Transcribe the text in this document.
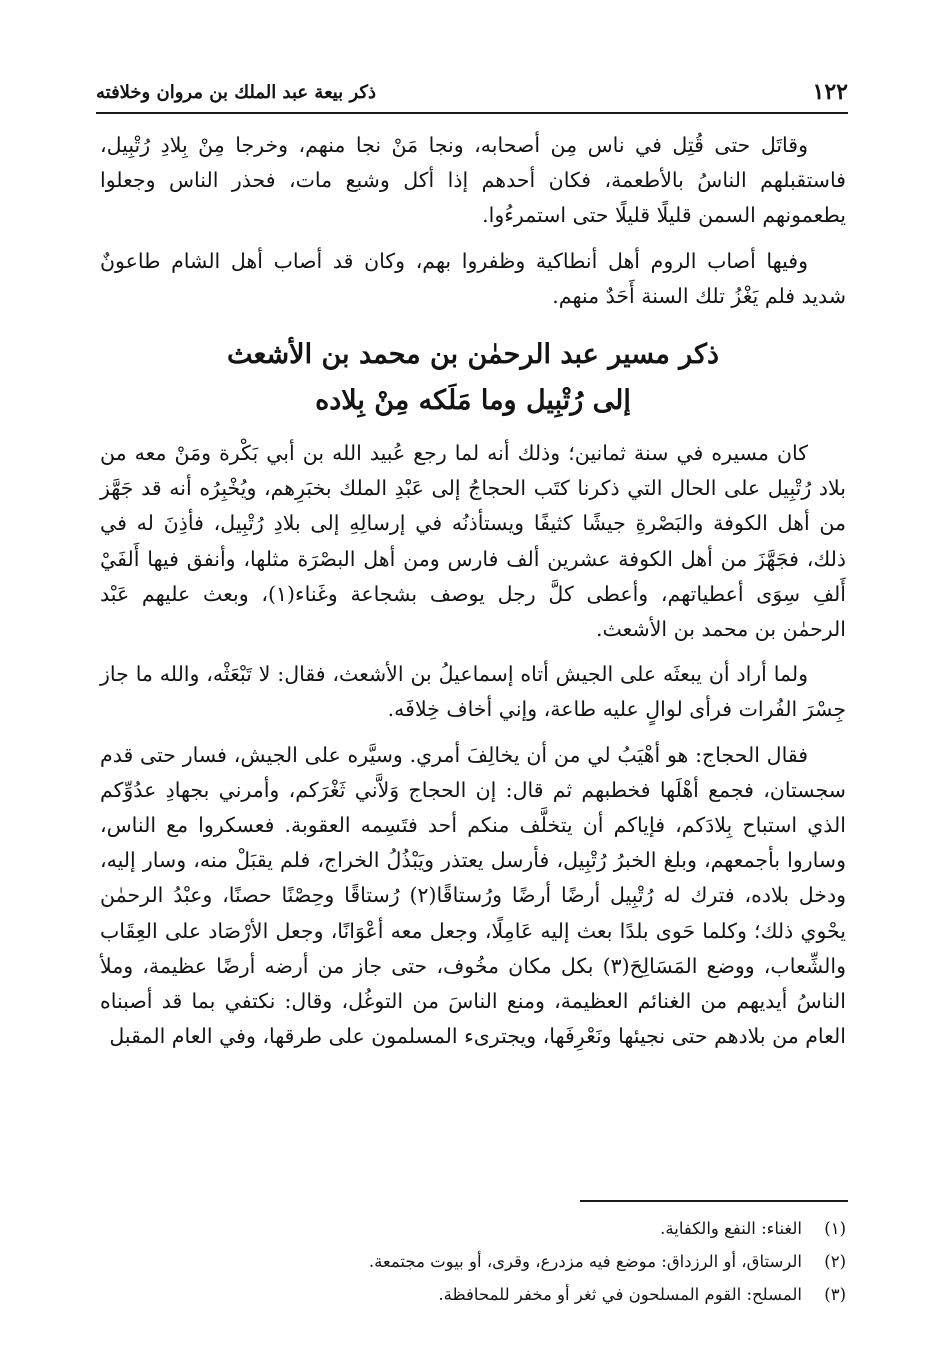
١٢٢
ذكر بيعة عبد الملك بن مروان وخلافته

وقاتَل حتى قُتِل في ناس مِن أصحابه، ونجا مَنْ نجا منهم، وخرجا مِنْ بِلادِ رُتْبِيل، فاستقبلهم الناسُ بالأطعمة، فكان أحدهم إذا أكل وشبع مات، فحذر الناس وجعلوا يطعمونهم السمن قليلًا قليلًا حتى استمرءُوا.

وفيها أصاب الروم أهل أنطاكية وظفروا بهم، وكان قد أصاب أهل الشام طاعونٌ شديد فلم يَغْزُ تلك السنة أَحَدٌ منهم.

ذكر مسير عبد الرحمٰن بن محمد بن الأشعث
إلى رُتْبِيل وما مَلَكه مِنْ بِلاده

كان مسيره في سنة ثمانين؛ وذلك أنه لما رجع عُبيد الله بن أبي بَكْرة ومَنْ معه من بلاد رُتْبِيل على الحال التي ذكرنا كتَب الحجاجُ إلى عَبْدِ الملك بخبَرِهم، ويُخْبِرُه أنه قد جَهَّز من أهل الكوفة والبَصْرةِ جيشًا كثيفًا ويستأذنُه في إرسالِهِ إلى بلادِ رُتْبِيل، فأذِنَ له في ذلك، فجَهَّزَ من أهل الكوفة عشرين ألف فارس ومن أهل البصْرَة مثلها، وأنفق فيها أَلفَيْ أَلفِ سِوَى أعطياتهم، وأعطى كلَّ رجل يوصف بشجاعة وغَناء(١)، وبعث عليهم عَبْد الرحمٰن بن محمد بن الأشعث.

ولما أراد أن يبعثَه على الجيش أتاه إسماعيلُ بن الأشعث، فقال: لا تَبْعَثْه، والله ما جاز جِسْرَ الفُرات فرأى لوالٍ عليه طاعة، وإني أخاف خِلافَه.

فقال الحجاج: هو أهْيَبُ لي من أن يخالِفَ أمري. وسيَّره على الجيش، فسار حتى قدم سجستان، فجمع أهْلَها فخطبهم ثم قال: إن الحجاج وَلاَّني ثَغْرَكم، وأمرني بجهادِ عدُوِّكم الذي استباح بِلادَكم، فإياكم أن يتخلَّف منكم أحد فتَسِمه العقوبة. فعسكروا مع الناس، وساروا بأجمعهم، وبلغ الخبرُ رُتْبِيل، فأرسل يعتذر ويَبْذُلُ الخراج، فلم يقبَلْ منه، وسار إليه، ودخل بلاده، فترك له رُتْبِيل أرضًا أرضًا ورُستاقًا(٢) رُستاقًا وحِصْنًا حصنًا، وعبْدُ الرحمٰن يحْوي ذلك؛ وكلما حَوى بلدًا بعث إليه عَامِلًا، وجعل معه أعْوَانًا، وجعل الأرْصَاد على العِقَاب والشِّعاب، ووضع المَسَالِحَ(٣) بكل مكان مخُوف، حتى جاز من أرضه أرضًا عظيمة، وملأ الناسُ أيديهم من الغنائم العظيمة، ومنع الناسَ من التوغُل، وقال: نكتفي بما قد أصبناه العام من بلادهم حتى نجيئها ونَعْرِفَها، ويجترىء المسلمون على طرقها، وفي العام المقبل

(١)الغناء: النفع والكفاية.
(٢)الرستاق، أو الرزداق: موضع فيه مزدرع، وقرى، أو بيوت مجتمعة.
(٣)المسلح: القوم المسلحون في ثغر أو مخفر للمحافظة.
